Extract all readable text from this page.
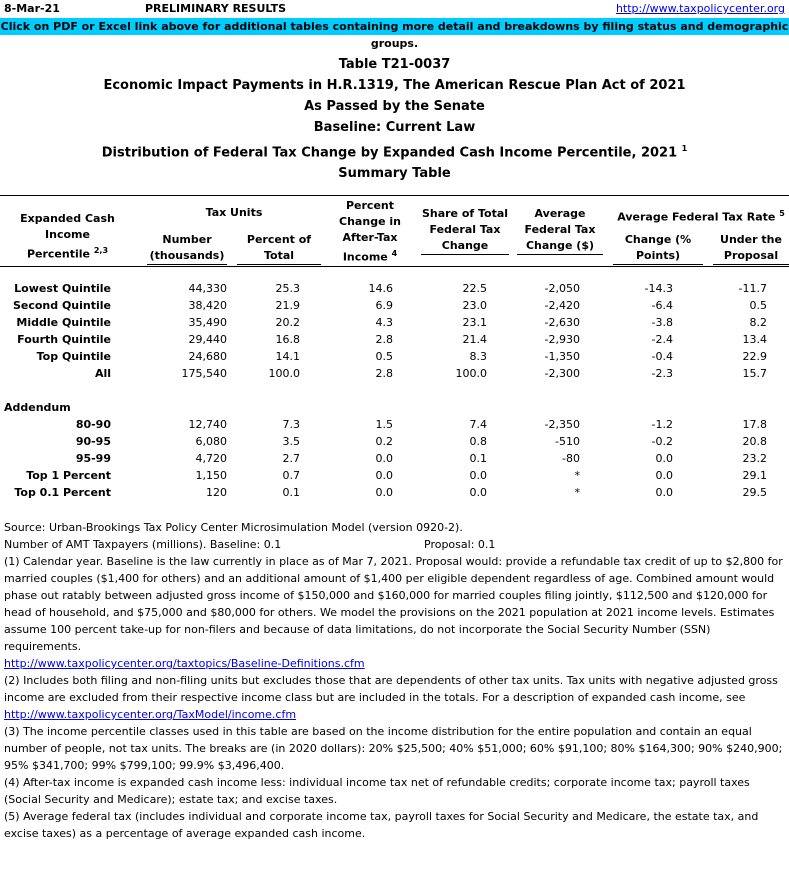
8-Mar-21	PRELIMINARY RESULTS	http://www.taxpolicycenter.org
Click on PDF or Excel link above for additional tables containing more detail and breakdowns by filing status and demographic groups.
Table T21-0037
Economic Impact Payments in H.R.1319, The American Rescue Plan Act of 2021
As Passed by the Senate
Baseline: Current Law
Distribution of Federal Tax Change by Expanded Cash Income Percentile, 2021 $^1$
Summary Table
Expanded Cash Income
Percentile $^{2,3}$
Tax Units
Number
(thousands)
Percent of
Total
Percent
Change in
After-Tax
Income $^4$
Share of Total
Federal Tax
Change
Average
Federal Tax
Change ($)
Average Federal Tax Rate $^5$
Change (%
Points)
Under the
Proposal
Lowest Quintile	44,330	25.3	14.6	22.5	-2,050	-14.3	-11.7
Second Quintile	38,420	21.9	6.9	23.0	-2,420	-6.4	0.5
Middle Quintile	35,490	20.2	4.3	23.1	-2,630	-3.8	8.2
Fourth Quintile	29,440	16.8	2.8	21.4	-2,930	-2.4	13.4
Top Quintile	24,680	14.1	0.5	8.3	-1,350	-0.4	22.9
All	175,540	100.0	2.8	100.0	-2,300	-2.3	15.7
Addendum
80-90	12,740	7.3	1.5	7.4	-2,350	-1.2	17.8
90-95	6,080	3.5	0.2	0.8	-510	-0.2	20.8
95-99	4,720	2.7	0.0	0.1	-80	0.0	23.2
Top 1 Percent	1,150	0.7	0.0	0.0	*	0.0	29.1
Top 0.1 Percent	120	0.1	0.0	0.0	*	0.0	29.5
Source: Urban-Brookings Tax Policy Center Microsimulation Model (version 0920-2).
Number of AMT Taxpayers (millions). Baseline: 0.1	Proposal: 0.1
(1) Calendar year. Baseline is the law currently in place as of Mar 7, 2021. Proposal would: provide a refundable tax credit of up to $2,800 for married couples ($1,400 for others) and an additional amount of $1,400 per eligible dependent regardless of age. Combined amount would phase out ratably between adjusted gross income of $150,000 and $160,000 for married couples filing jointly, $112,500 and $120,000 for head of household, and $75,000 and $80,000 for others. We model the provisions on the 2021 population at 2021 income levels. Estimates assume 100 percent take-up for non-filers and because of data limitations, do not incorporate the Social Security Number (SSN) requirements.
http://www.taxpolicycenter.org/taxtopics/Baseline-Definitions.cfm
(2) Includes both filing and non-filing units but excludes those that are dependents of other tax units. Tax units with negative adjusted gross income are excluded from their respective income class but are included in the totals. For a description of expanded cash income, see
http://www.taxpolicycenter.org/TaxModel/income.cfm
(3) The income percentile classes used in this table are based on the income distribution for the entire population and contain an equal number of people, not tax units. The breaks are (in 2020 dollars): 20% $25,500; 40% $51,000; 60% $91,100; 80% $164,300; 90% $240,900; 95% $341,700; 99% $799,100; 99.9% $3,496,400.
(4) After-tax income is expanded cash income less: individual income tax net of refundable credits; corporate income tax; payroll taxes (Social Security and Medicare); estate tax; and excise taxes.
(5) Average federal tax (includes individual and corporate income tax, payroll taxes for Social Security and Medicare, the estate tax, and excise taxes) as a percentage of average expanded cash income.
